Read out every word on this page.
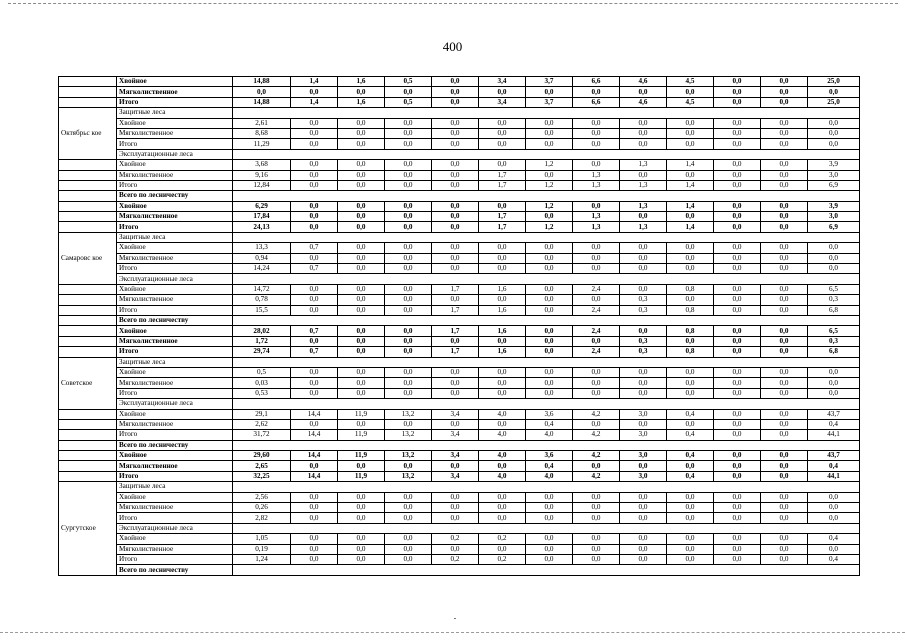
400
	Хвойное	14,88	1,4	1,6	0,5	0,0	3,4	3,7	6,6	4,6	4,5	0,0	0,0	25,0
	Мягколиственное	0,0	0,0	0,0	0,0	0,0	0,0	0,0	0,0	0,0	0,0	0,0	0,0	0,0
	Итого	14,88	1,4	1,6	0,5	0,0	3,4	3,7	6,6	4,6	4,5	0,0	0,0	25,0
Октябрьс кое	Защитные леса													
	Хвойное	2,61	0,0	0,0	0,0	0,0	0,0	0,0	0,0	0,0	0,0	0,0	0,0	0,0
	Мягколиственное	8,68	0,0	0,0	0,0	0,0	0,0	0,0	0,0	0,0	0,0	0,0	0,0	0,0
	Итого	11,29	0,0	0,0	0,0	0,0	0,0	0,0	0,0	0,0	0,0	0,0	0,0	0,0
	Эксплуатационные леса													
	Хвойное	3,68	0,0	0,0	0,0	0,0	0,0	1,2	0,0	1,3	1,4	0,0	0,0	3,9
	Мягколиственное	9,16	0,0	0,0	0,0	0,0	1,7	0,0	1,3	0,0	0,0	0,0	0,0	3,0
	Итого	12,84	0,0	0,0	0,0	0,0	1,7	1,2	1,3	1,3	1,4	0,0	0,0	6,9
	Всего по лесничеству													
	Хвойное	6,29	0,0	0,0	0,0	0,0	0,0	1,2	0,0	1,3	1,4	0,0	0,0	3,9
	Мягколиственное	17,84	0,0	0,0	0,0	0,0	1,7	0,0	1,3	0,0	0,0	0,0	0,0	3,0
	Итого	24,13	0,0	0,0	0,0	0,0	1,7	1,2	1,3	1,3	1,4	0,0	0,0	6,9
Самаровс кое	Защитные леса													
	Хвойное	13,3	0,7	0,0	0,0	0,0	0,0	0,0	0,0	0,0	0,0	0,0	0,0	0,0
	Мягколиственное	0,94	0,0	0,0	0,0	0,0	0,0	0,0	0,0	0,0	0,0	0,0	0,0	0,0
	Итого	14,24	0,7	0,0	0,0	0,0	0,0	0,0	0,0	0,0	0,0	0,0	0,0	0,0
	Эксплуатационные леса													
	Хвойное	14,72	0,0	0,0	0,0	1,7	1,6	0,0	2,4	0,0	0,8	0,0	0,0	6,5
	Мягколиственное	0,78	0,0	0,0	0,0	0,0	0,0	0,0	0,0	0,3	0,0	0,0	0,0	0,3
	Итого	15,5	0,0	0,0	0,0	1,7	1,6	0,0	2,4	0,3	0,8	0,0	0,0	6,8
	Всего по лесничеству													
	Хвойное	28,02	0,7	0,0	0,0	1,7	1,6	0,0	2,4	0,0	0,8	0,0	0,0	6,5
	Мягколиственное	1,72	0,0	0,0	0,0	0,0	0,0	0,0	0,0	0,3	0,0	0,0	0,0	0,3
	Итого	29,74	0,7	0,0	0,0	1,7	1,6	0,0	2,4	0,3	0,8	0,0	0,0	6,8
Советское	Защитные леса													
	Хвойное	0,5	0,0	0,0	0,0	0,0	0,0	0,0	0,0	0,0	0,0	0,0	0,0	0,0
	Мягколиственное	0,03	0,0	0,0	0,0	0,0	0,0	0,0	0,0	0,0	0,0	0,0	0,0	0,0
	Итого	0,53	0,0	0,0	0,0	0,0	0,0	0,0	0,0	0,0	0,0	0,0	0,0	0,0
	Эксплуатационные леса													
	Хвойное	29,1	14,4	11,9	13,2	3,4	4,0	3,6	4,2	3,0	0,4	0,0	0,0	43,7
	Мягколиственное	2,62	0,0	0,0	0,0	0,0	0,0	0,4	0,0	0,0	0,0	0,0	0,0	0,4
	Итого	31,72	14,4	11,9	13,2	3,4	4,0	4,0	4,2	3,0	0,4	0,0	0,0	44,1
	Всего по лесничеству													
	Хвойное	29,60	14,4	11,9	13,2	3,4	4,0	3,6	4,2	3,0	0,4	0,0	0,0	43,7
	Мягколиственное	2,65	0,0	0,0	0,0	0,0	0,0	0,4	0,0	0,0	0,0	0,0	0,0	0,4
	Итого	32,25	14,4	11,9	13,2	3,4	4,0	4,0	4,2	3,0	0,4	0,0	0,0	44,1
Сургутское	Защитные леса													
	Хвойное	2,56	0,0	0,0	0,0	0,0	0,0	0,0	0,0	0,0	0,0	0,0	0,0	0,0
	Мягколиственное	0,26	0,0	0,0	0,0	0,0	0,0	0,0	0,0	0,0	0,0	0,0	0,0	0,0
	Итого	2,82	0,0	0,0	0,0	0,0	0,0	0,0	0,0	0,0	0,0	0,0	0,0	0,0
	Эксплуатационные леса													
	Хвойное	1,05	0,0	0,0	0,0	0,2	0,2	0,0	0,0	0,0	0,0	0,0	0,0	0,4
	Мягколиственное	0,19	0,0	0,0	0,0	0,0	0,0	0,0	0,0	0,0	0,0	0,0	0,0	0,0
	Итого	1,24	0,0	0,0	0,0	0,2	0,2	0,0	0,0	0,0	0,0	0,0	0,0	0,4
	Всего по лесничеству													
